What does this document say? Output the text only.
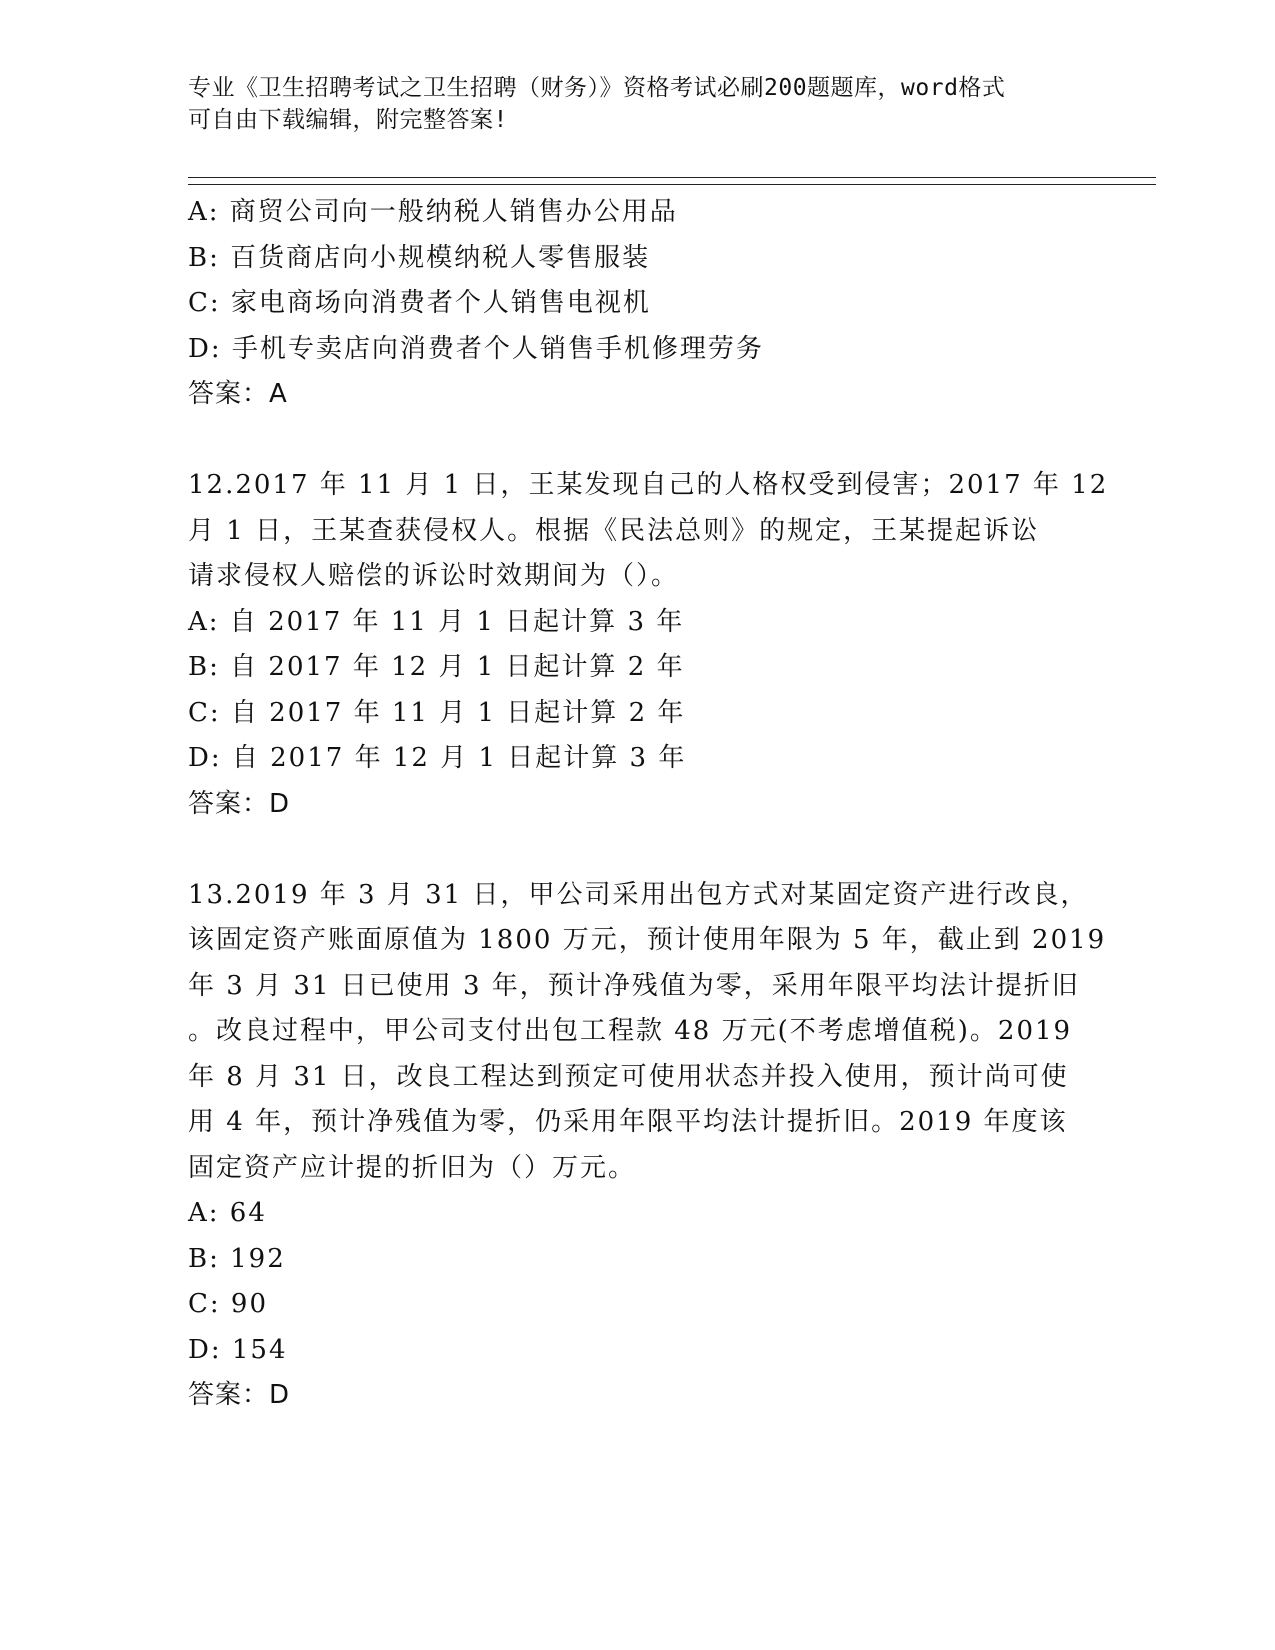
专业《卫生招聘考试之卫生招聘（财务）》资格考试必刷200题题库，word格式
可自由下载编辑，附完整答案!
A: 商贸公司向一般纳税人销售办公用品
B: 百货商店向小规模纳税人零售服装
C: 家电商场向消费者个人销售电视机
D: 手机专卖店向消费者个人销售手机修理劳务
答案：A
12.2017 年 11 月 1 日，王某发现自己的人格权受到侵害；2017 年 12
月 1 日，王某查获侵权人。根据《民法总则》的规定，王某提起诉讼
请求侵权人赔偿的诉讼时效期间为（）。
A: 自 2017 年 11 月 1 日起计算 3 年
B: 自 2017 年 12 月 1 日起计算 2 年
C: 自 2017 年 11 月 1 日起计算 2 年
D: 自 2017 年 12 月 1 日起计算 3 年
答案：D
13.2019 年 3 月 31 日，甲公司采用出包方式对某固定资产进行改良，
该固定资产账面原值为 1800 万元，预计使用年限为 5 年，截止到 2019
年 3 月 31 日已使用 3 年，预计净残值为零，采用年限平均法计提折旧
。改良过程中，甲公司支付出包工程款 48 万元(不考虑增值税)。2019
年 8 月 31 日，改良工程达到预定可使用状态并投入使用，预计尚可使
用 4 年，预计净残值为零，仍采用年限平均法计提折旧。2019 年度该
固定资产应计提的折旧为（）万元。
A: 64
B: 192
C: 90
D: 154
答案：D
